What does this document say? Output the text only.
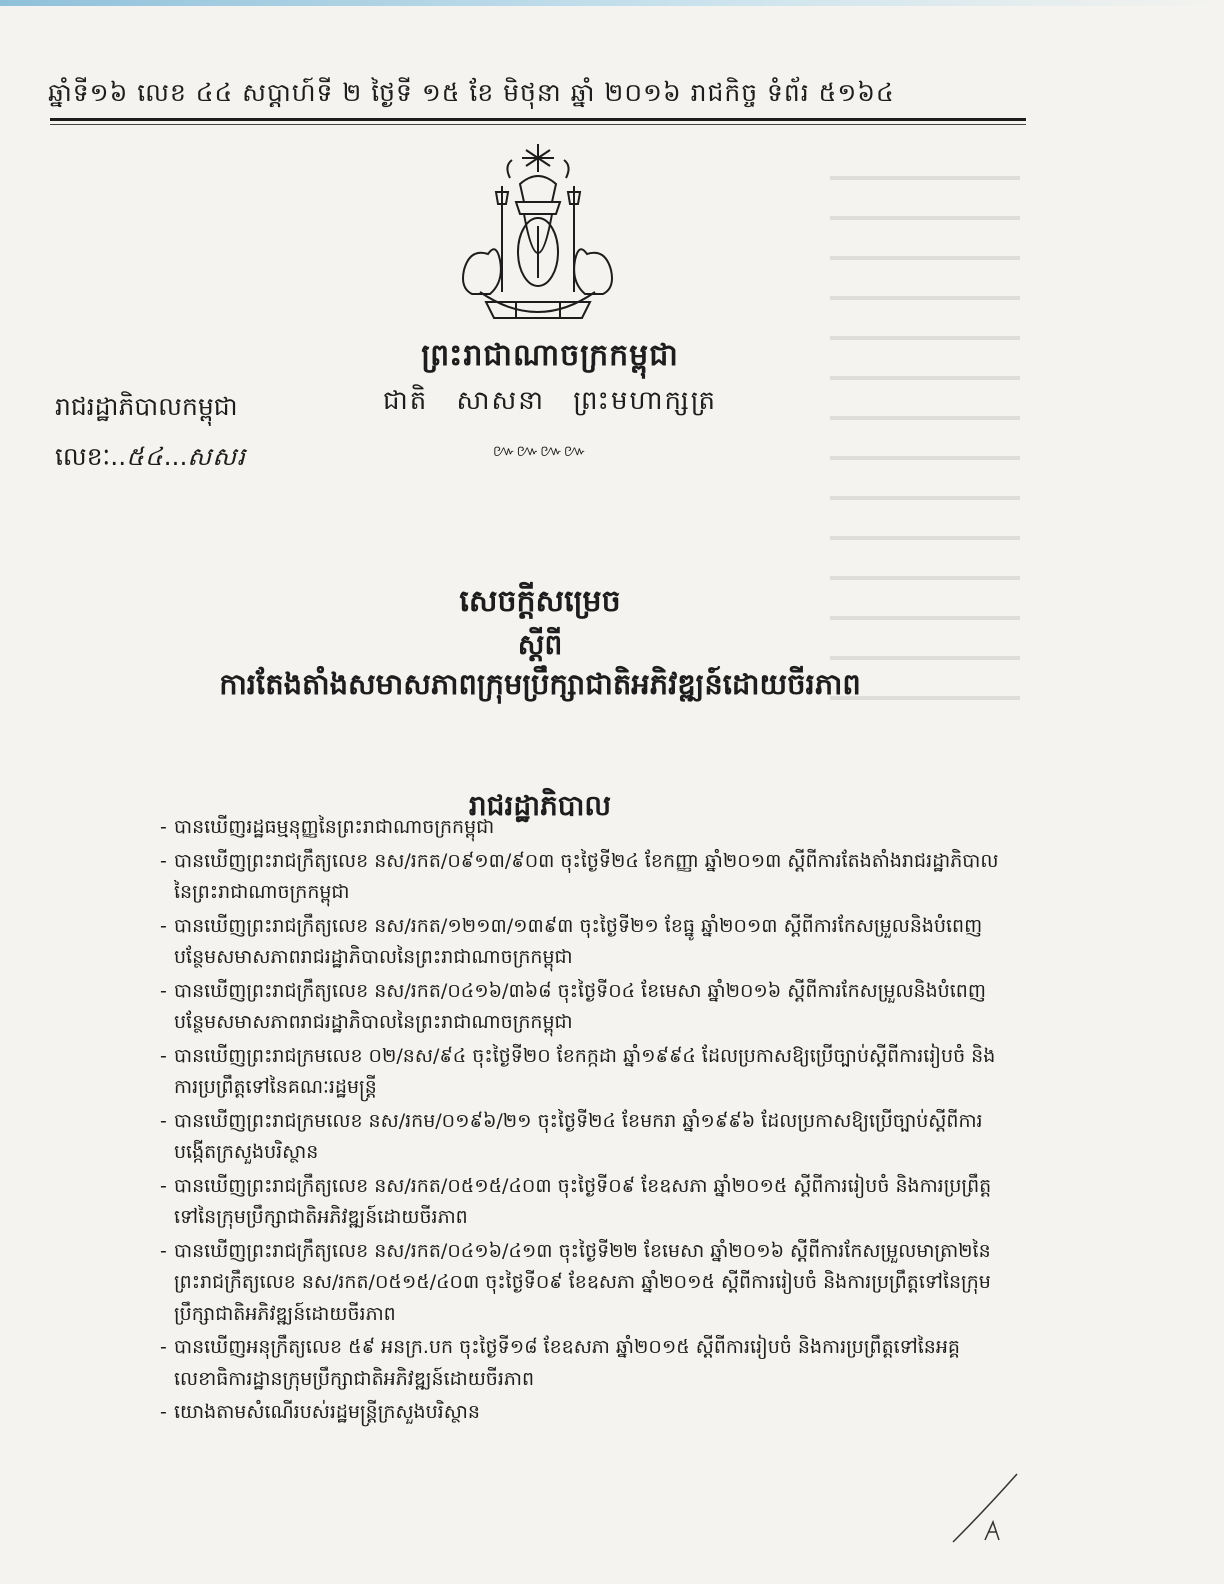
ឆ្នាំទី១៦ លេខ ៤៤ សប្ដាហ៍ទី ២ ថ្ងៃទី ១៥ ខែ មិថុនា ឆ្នាំ ២០១៦ រាជកិច្ច ទំព័រ ៥១៦៤
ព្រះរាជាណាចក្រកម្ពុជា
ជាតិ សាសនា ព្រះមហាក្សត្រ
៚៚៚៚
រាជរដ្ឋាភិបាលកម្ពុជា
លេខៈ..៥៤...សសរ
សេចក្ដីសម្រេច
ស្ដីពី
ការតែងតាំងសមាសភាពក្រុមប្រឹក្សាជាតិអភិវឌ្ឍន៍ដោយចីរភាព
រាជរដ្ឋាភិបាល
- បានឃើញរដ្ឋធម្មនុញ្ញនៃព្រះរាជាណាចក្រកម្ពុជា
- បានឃើញព្រះរាជក្រឹត្យលេខ នស/រកត/០៩១៣/៩០៣ ចុះថ្ងៃទី២៤ ខែកញ្ញា ឆ្នាំ២០១៣ ស្ដីពីការតែងតាំងរាជរដ្ឋាភិបាលនៃព្រះរាជាណាចក្រកម្ពុជា
- បានឃើញព្រះរាជក្រឹត្យលេខ នស/រកត/១២១៣/១៣៩៣ ចុះថ្ងៃទី២១ ខែធ្នូ ឆ្នាំ២០១៣ ស្ដីពីការកែសម្រួលនិងបំពេញបន្ថែមសមាសភាពរាជរដ្ឋាភិបាលនៃព្រះរាជាណាចក្រកម្ពុជា
- បានឃើញព្រះរាជក្រឹត្យលេខ នស/រកត/០៤១៦/៣៦៨ ចុះថ្ងៃទី០៤ ខែមេសា ឆ្នាំ២០១៦ ស្ដីពីការកែសម្រួលនិងបំពេញបន្ថែមសមាសភាពរាជរដ្ឋាភិបាលនៃព្រះរាជាណាចក្រកម្ពុជា
- បានឃើញព្រះរាជក្រមលេខ ០២/នស/៩៤ ចុះថ្ងៃទី២០ ខែកក្កដា ឆ្នាំ១៩៩៤ ដែលប្រកាសឱ្យប្រើច្បាប់ស្ដីពីការរៀបចំ និងការប្រព្រឹត្តទៅនៃគណៈរដ្ឋមន្ត្រី
- បានឃើញព្រះរាជក្រមលេខ នស/រកម/០១៩៦/២១ ចុះថ្ងៃទី២៤ ខែមករា ឆ្នាំ១៩៩៦ ដែលប្រកាសឱ្យប្រើច្បាប់ស្ដីពីការបង្កើតក្រសួងបរិស្ថាន
- បានឃើញព្រះរាជក្រឹត្យលេខ នស/រកត/០៥១៥/៤០៣ ចុះថ្ងៃទី០៩ ខែឧសភា ឆ្នាំ២០១៥ ស្ដីពីការរៀបចំ និងការប្រព្រឹត្តទៅនៃក្រុមប្រឹក្សាជាតិអភិវឌ្ឍន៍ដោយចីរភាព
- បានឃើញព្រះរាជក្រឹត្យលេខ នស/រកត/០៤១៦/៤១៣ ចុះថ្ងៃទី២២ ខែមេសា ឆ្នាំ២០១៦ ស្ដីពីការកែសម្រួលមាត្រា២នៃព្រះរាជក្រឹត្យលេខ នស/រកត/០៥១៥/៤០៣ ចុះថ្ងៃទី០៩ ខែឧសភា ឆ្នាំ២០១៥ ស្ដីពីការរៀបចំ និងការប្រព្រឹត្តទៅនៃក្រុមប្រឹក្សាជាតិអភិវឌ្ឍន៍ដោយចីរភាព
- បានឃើញអនុក្រឹត្យលេខ ៥៩ អនក្រ.បក ចុះថ្ងៃទី១៨ ខែឧសភា ឆ្នាំ២០១៥ ស្ដីពីការរៀបចំ និងការប្រព្រឹត្តទៅនៃអគ្គលេខាធិការដ្ឋានក្រុមប្រឹក្សាជាតិអភិវឌ្ឍន៍ដោយចីរភាព
- យោងតាមសំណើរបស់រដ្ឋមន្ត្រីក្រសួងបរិស្ថាន
